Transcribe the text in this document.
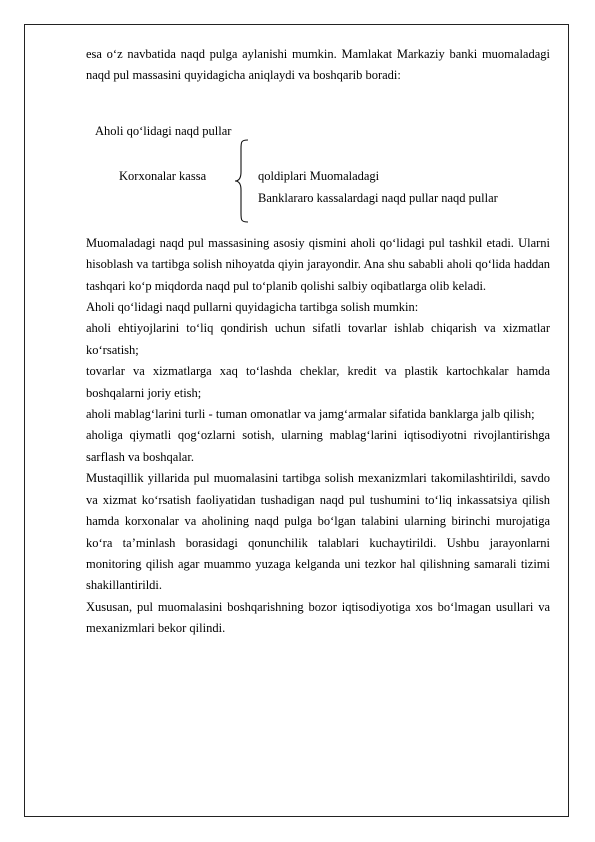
esa o‘z navbatida naqd pulga aylanishi mumkin. Mamlakat Markaziy banki muomaladagi naqd pul massasini quyidagicha aniqlaydi va boshqarib boradi:

Aholi qo‘lidagi naqd pullar
Korxonalar kassa	qoldiplari Muomaladagi
Banklararo kassalardagi naqd pullar naqd pullar

Muomaladagi naqd pul massasining asosiy qismini aholi qo‘lidagi pul tashkil etadi. Ularni hisoblash va tartibga solish nihoyatda qiyin jarayondir. Ana shu sababli aholi qo‘lida haddan tashqari ko‘p miqdorda naqd pul to‘planib qolishi salbiy oqibatlarga olib keladi.

Aholi qo‘lidagi naqd pullarni quyidagicha tartibga solish mumkin:

aholi ehtiyojlarini to‘liq qondirish uchun sifatli tovarlar ishlab chiqarish va xizmatlar ko‘rsatish;

tovarlar va xizmatlarga xaq to‘lashda cheklar, kredit va plastik kartochkalar hamda boshqalarni joriy etish;

aholi mablag‘larini turli - tuman omonatlar va jamg‘armalar sifatida banklarga jalb qilish;

aholiga qiymatli qog‘ozlarni sotish, ularning mablag‘larini iqtisodiyotni rivojlantirishga sarflash va boshqalar.

Mustaqillik yillarida pul muomalasini tartibga solish mexanizmlari takomilashtirildi, savdo va xizmat ko‘rsatish faoliyatidan tushadigan naqd pul tushumini to‘liq inkassatsiya qilish hamda korxonalar va aholining naqd pulga bo‘lgan talabini ularning birinchi murojatiga ko‘ra ta’minlash borasidagi qonunchilik talablari kuchaytirildi. Ushbu jarayonlarni monitoring qilish agar muammo yuzaga kelganda uni tezkor hal qilishning samarali tizimi shakillantirildi.

Xususan, pul muomalasini boshqarishning bozor iqtisodiyotiga xos bo‘lmagan usullari va mexanizmlari bekor qilindi.
